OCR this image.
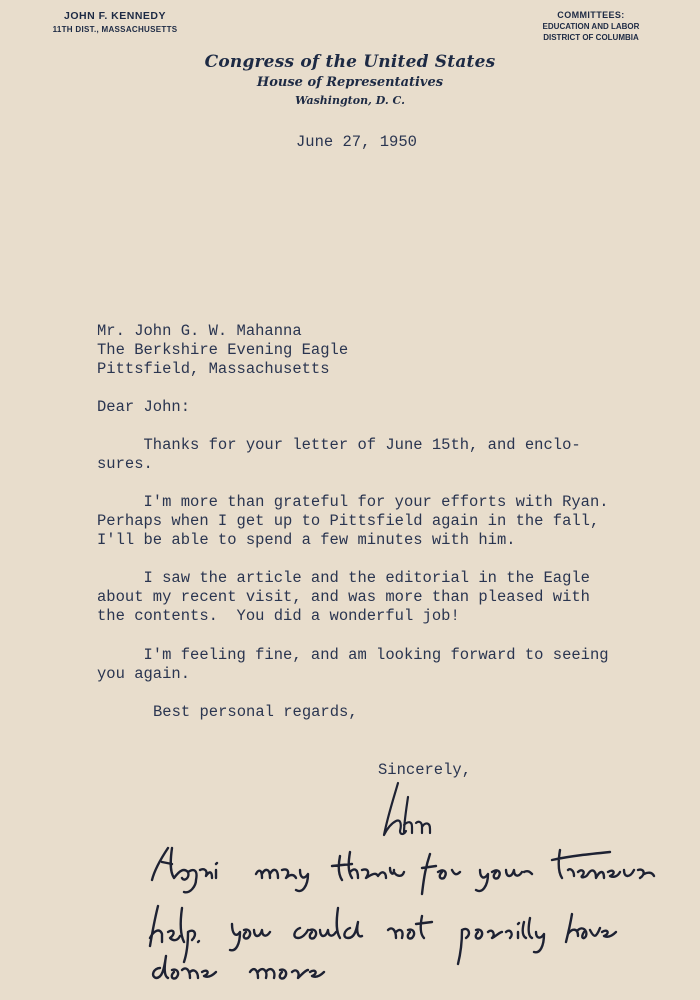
JOHN F. KENNEDY
11TH DIST., MASSACHUSETTS
COMMITTEES:
EDUCATION AND LABOR
DISTRICT OF COLUMBIA
Congress of the United States
House of Representatives
Washington, D. C.
June 27, 1950
Mr. John G. W. Mahanna
The Berkshire Evening Eagle
Pittsfield, Massachusetts
Dear John:
Thanks for your letter of June 15th, and enclo-
sures.
I'm more than grateful for your efforts with Ryan.
Perhaps when I get up to Pittsfield again in the fall,
I'll be able to spend a few minutes with him.
I saw the article and the editorial in the Eagle
about my recent visit, and was more than pleased with
the contents.  You did a wonderful job!
I'm feeling fine, and am looking forward to seeing
you again.
Best personal regards,
Sincerely,
